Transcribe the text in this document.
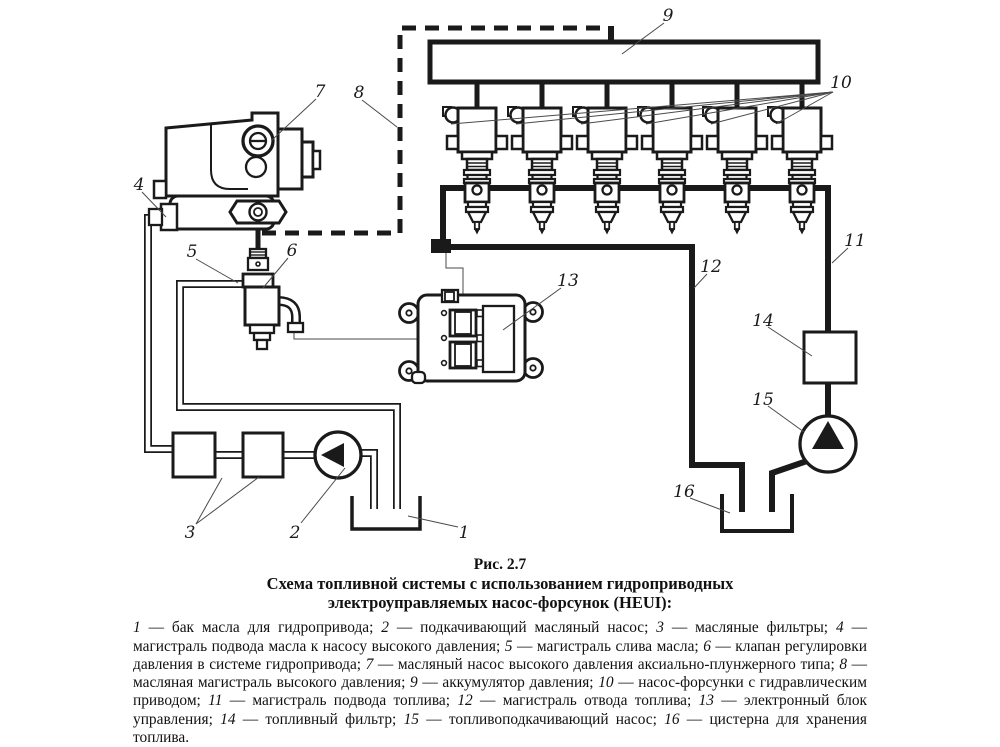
1
2
3
4
5	6
7 8
9
10
11
12
13
14
15
16
Рис. 2.7
Схема топливной системы с использованием гидроприводных
электроуправляемых насос-форсунок (HEUI):

1 — бак масла для гидропривода; 2 — подкачивающий масляный насос; 3 — масляные фильтры; 4 — магистраль подвода масла к насосу высокого давления; 5 — магистраль слива масла; 6 — клапан регулировки давления в системе гидропривода; 7 — масляный насос высокого давления аксиально-плунжерного типа; 8 — масляная магистраль высокого давления; 9 — аккумулятор давления; 10 — насос-форсунки с гидравлическим приводом; 11 — магистраль подвода топлива; 12 — магистраль отвода топлива; 13 — электронный блок управления; 14 — топливный фильтр; 15 — топливоподкачивающий насос; 16 — цистерна для хранения топлива.
